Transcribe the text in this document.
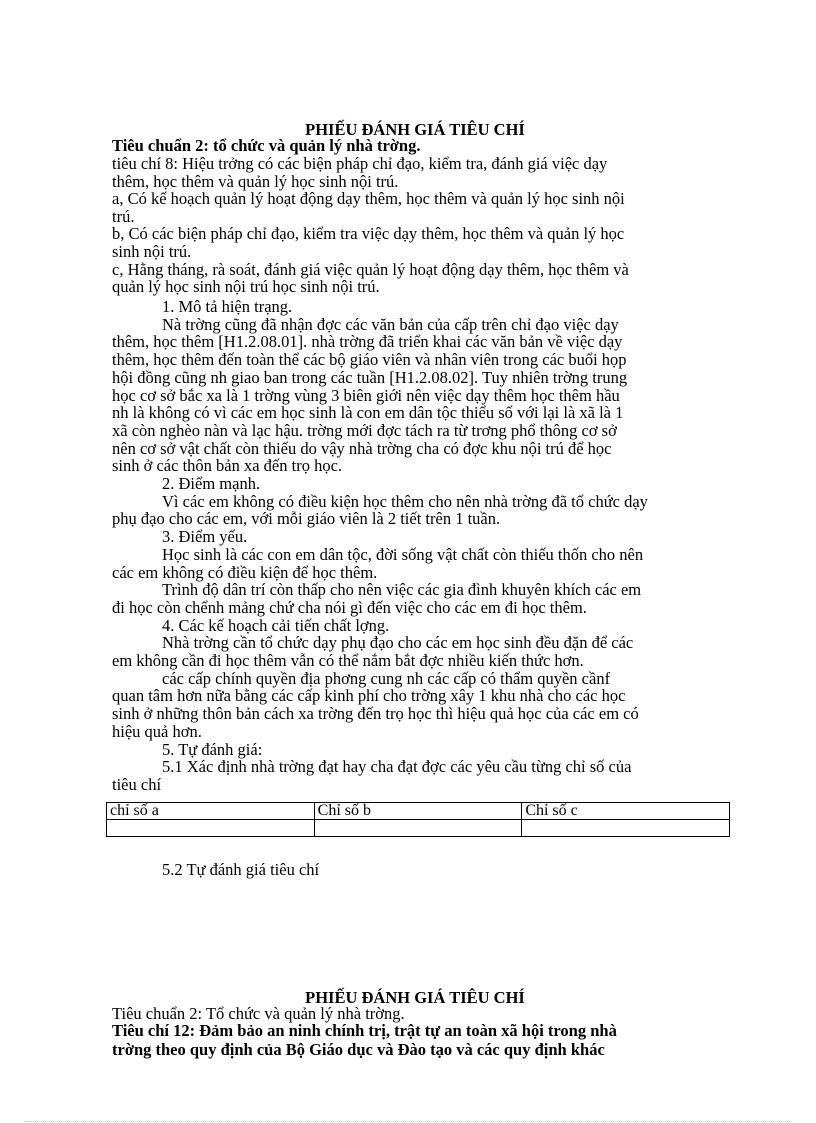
PHIẾU ĐÁNH GIÁ TIÊU CHÍ
Tiêu chuẩn 2: tổ chức và quản lý nhà trờng.
tiêu chí 8: Hiệu trởng có các biện pháp chỉ đạo, kiểm tra, đánh giá việc dạy
thêm, học thêm và quản lý học sinh nội trú.
a, Có kế hoạch quản lý hoạt động dạy thêm, học thêm và quản lý học sinh nội
trú.
b, Có các biện pháp chỉ đạo, kiểm tra việc dạy thêm, học thêm và quản lý học
sinh nội trú.
c, Hằng tháng, rà soát, đánh giá việc quản lý hoạt động dạy thêm, học thêm và
quản lý học sinh nội trú học sinh nội trú.
1. Mô tả hiện trạng.
Nà trờng cũng đã nhận đợc các văn bản của cấp trên chỉ đạo việc dạy
thêm, học thêm [H1.2.08.01]. nhà trờng đã triển khai các văn bản về việc dạy
thêm, học thêm đến toàn thể các bộ giáo viên và nhân viên trong các buổi họp
hội đồng cũng nh giao ban trong các tuần [H1.2.08.02]. Tuy nhiên trờng trung
học cơ sở bắc xa là 1 trờng vùng 3 biên giới nên việc dạy thêm học thêm hầu
nh là không có vì các em học sinh là con em dân tộc thiểu số với lại là xã là 1
xã còn nghèo nàn và lạc hậu. trờng mới đợc tách ra từ trơng phổ thông cơ sở
nên cơ sở vật chất còn thiếu do vậy nhà trờng cha có đợc khu nội trú để học
sinh ở các thôn bản xa đến trọ học.
2. Điểm mạnh.
Vì các em không có điều kiện học thêm cho nên nhà trờng đã tổ chức dạy
phụ đạo cho các em, với mỗi giáo viên là 2 tiết trên 1 tuần.
3. Điểm yếu.
Học sinh là các con em dân tộc, đời sống vật chất còn thiếu thốn cho nên
các em không có điều kiện để học thêm.
Trình độ dân trí còn thấp cho nên việc các gia đình khuyên khích các em
đi học còn chểnh mảng chứ cha nói gì đến việc cho các em đi học thêm.
4. Các kế hoạch cải tiến chất lợng.
Nhà trờng cần tổ chức dạy phụ đạo cho các em học sinh đều đặn để các
em không cần đi học thêm vẫn có thể nắm bắt đợc nhiều kiến thức hơn.
các cấp chính quyền địa phơng cung nh các cấp có thẩm quyền cầnf
quan tâm hơn nữa bằng các cấp kinh phí cho trờng xây 1 khu nhà cho các học
sinh ở những thôn bản cách xa trờng đến trọ học thì hiệu quả học của các em có
hiệu quả hơn.
5. Tự đánh giá:
5.1 Xác định nhà trờng đạt hay cha đạt đợc các yêu cầu từng chỉ số của
tiêu chí
chỉ số a	Chỉ số b	Chỉ số c

5.2 Tự đánh giá tiêu chí
PHIẾU ĐÁNH GIÁ TIÊU CHÍ
Tiêu chuẩn 2: Tổ chức và quản lý nhà trờng.
Tiêu chí 12: Đảm bảo an ninh chính trị, trật tự an toàn xã hội trong nhà
trờng theo quy định của Bộ Giáo dục và Đào tạo và các quy định khác
